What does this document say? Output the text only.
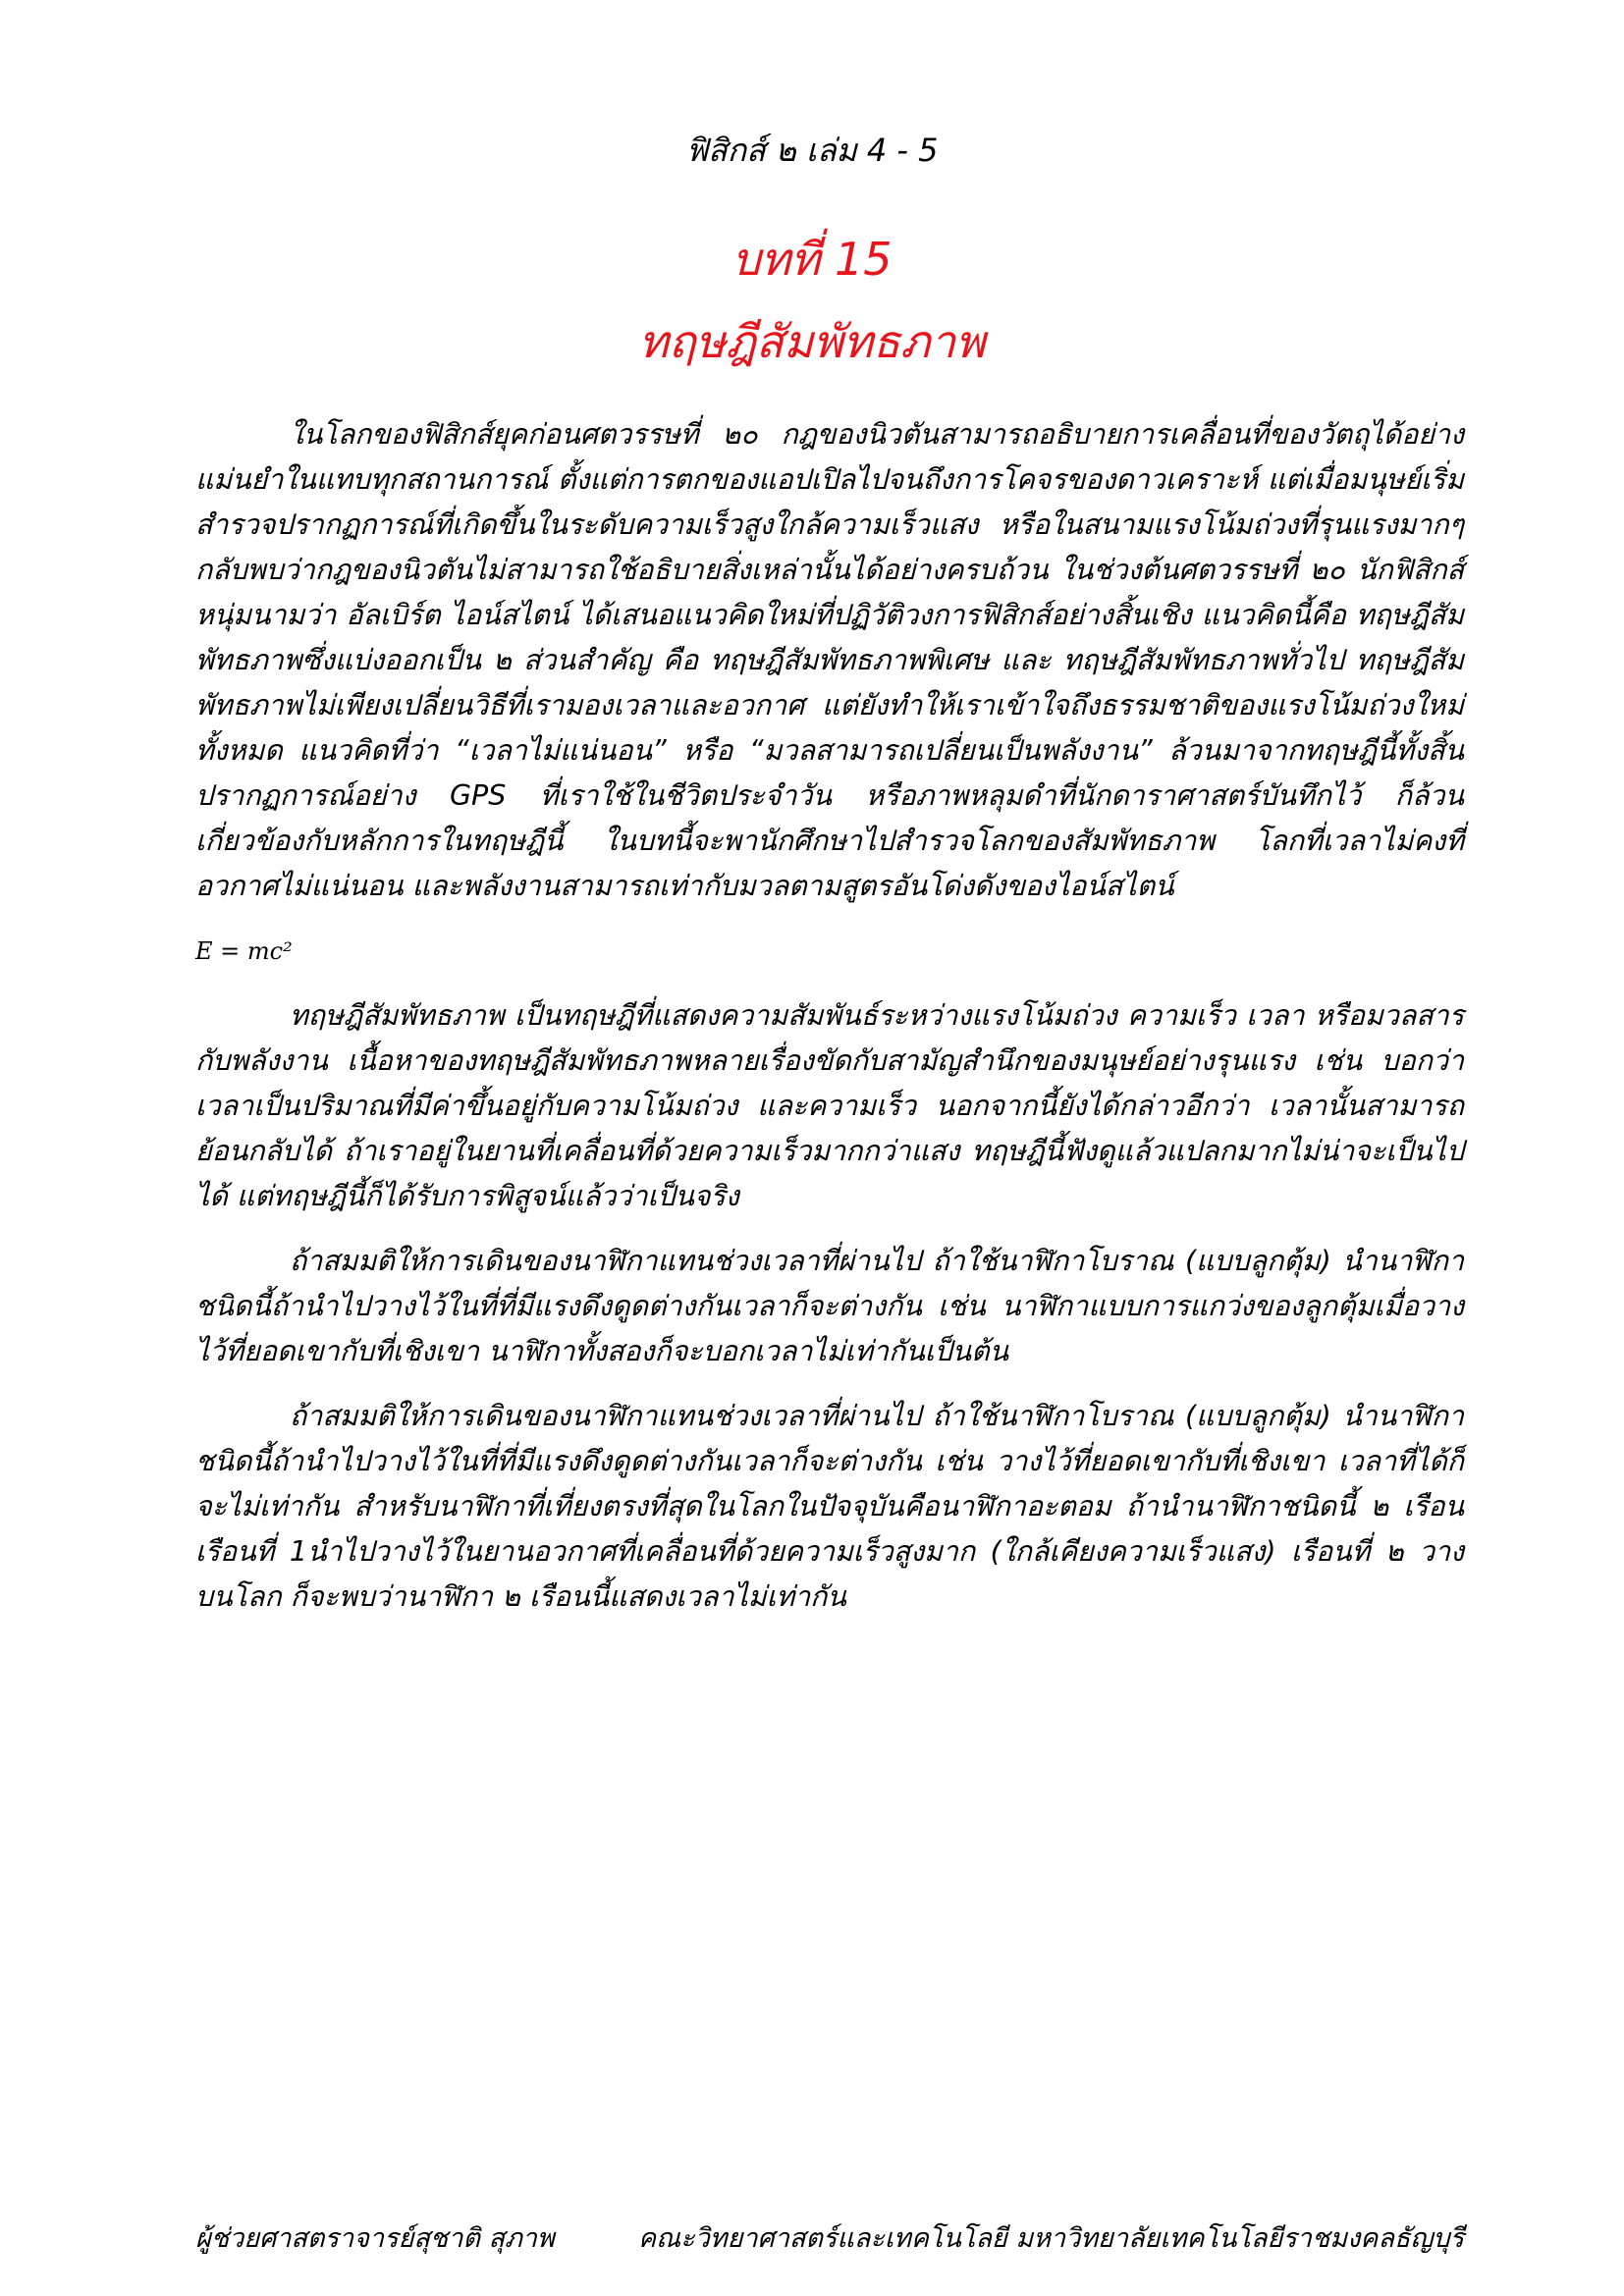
ฟิสิกส์ ๒ เล่ม 4 - 5
บทที่ 15
ทฤษฎีสัมพัทธภาพ

ในโลกของฟิสิกส์ยุคก่อนศตวรรษที่ ๒๐ กฎของนิวตันสามารถอธิบายการเคลื่อนที่ของวัตถุได้อย่างแม่นยำในแทบทุกสถานการณ์ ตั้งแต่การตกของแอปเปิลไปจนถึงการโคจรของดาวเคราะห์ แต่เมื่อมนุษย์เริ่มสำรวจปรากฏการณ์ที่เกิดขึ้นในระดับความเร็วสูงใกล้ความเร็วแสง หรือในสนามแรงโน้มถ่วงที่รุนแรงมากๆ กลับพบว่ากฎของนิวตันไม่สามารถใช้อธิบายสิ่งเหล่านั้นได้อย่างครบถ้วน ในช่วงต้นศตวรรษที่ ๒๐ นักฟิสิกส์หนุ่มนามว่า อัลเบิร์ต ไอน์สไตน์ ได้เสนอแนวคิดใหม่ที่ปฏิวัติวงการฟิสิกส์อย่างสิ้นเชิง แนวคิดนี้คือ ทฤษฎีสัมพัทธภาพซึ่งแบ่งออกเป็น ๒ ส่วนสำคัญ คือ ทฤษฎีสัมพัทธภาพพิเศษ และ ทฤษฎีสัมพัทธภาพทั่วไป ทฤษฎีสัมพัทธภาพไม่เพียงเปลี่ยนวิธีที่เรามองเวลาและอวกาศ แต่ยังทำให้เราเข้าใจถึงธรรมชาติของแรงโน้มถ่วงใหม่ทั้งหมด แนวคิดที่ว่า “เวลาไม่แน่นอน” หรือ “มวลสามารถเปลี่ยนเป็นพลังงาน” ล้วนมาจากทฤษฎีนี้ทั้งสิ้น ปรากฏการณ์อย่าง GPS ที่เราใช้ในชีวิตประจำวัน หรือภาพหลุมดำที่นักดาราศาสตร์บันทึกไว้ ก็ล้วนเกี่ยวข้องกับหลักการในทฤษฎีนี้ ในบทนี้จะพานักศึกษาไปสำรวจโลกของสัมพัทธภาพ โลกที่เวลาไม่คงที่ อวกาศไม่แน่นอน และพลังงานสามารถเท่ากับมวลตามสูตรอันโด่งดังของไอน์สไตน์

E = mc²

ทฤษฎีสัมพัทธภาพ เป็นทฤษฎีที่แสดงความสัมพันธ์ระหว่างแรงโน้มถ่วง ความเร็ว เวลา หรือมวลสารกับพลังงาน เนื้อหาของทฤษฎีสัมพัทธภาพหลายเรื่องขัดกับสามัญสำนึกของมนุษย์อย่างรุนแรง เช่น บอกว่าเวลาเป็นปริมาณที่มีค่าขึ้นอยู่กับความโน้มถ่วง และความเร็ว นอกจากนี้ยังได้กล่าวอีกว่า เวลานั้นสามารถย้อนกลับได้ ถ้าเราอยู่ในยานที่เคลื่อนที่ด้วยความเร็วมากกว่าแสง ทฤษฎีนี้ฟังดูแล้วแปลกมากไม่น่าจะเป็นไปได้ แต่ทฤษฎีนี้ก็ได้รับการพิสูจน์แล้วว่าเป็นจริง

ถ้าสมมติให้การเดินของนาฬิกาแทนช่วงเวลาที่ผ่านไป ถ้าใช้นาฬิกาโบราณ (แบบลูกตุ้ม) นำนาฬิกาชนิดนี้ถ้านำไปวางไว้ในที่ที่มีแรงดึงดูดต่างกันเวลาก็จะต่างกัน เช่น นาฬิกาแบบการแกว่งของลูกตุ้มเมื่อวางไว้ที่ยอดเขากับที่เชิงเขา นาฬิกาทั้งสองก็จะบอกเวลาไม่เท่ากันเป็นต้น

ถ้าสมมติให้การเดินของนาฬิกาแทนช่วงเวลาที่ผ่านไป ถ้าใช้นาฬิกาโบราณ (แบบลูกตุ้ม) นำนาฬิกาชนิดนี้ถ้านำไปวางไว้ในที่ที่มีแรงดึงดูดต่างกันเวลาก็จะต่างกัน เช่น วางไว้ที่ยอดเขากับที่เชิงเขา เวลาที่ได้ก็จะไม่เท่ากัน สำหรับนาฬิกาที่เที่ยงตรงที่สุดในโลกในปัจจุบันคือนาฬิกาอะตอม ถ้านำนาฬิกาชนิดนี้ ๒ เรือน เรือนที่ 1นำไปวางไว้ในยานอวกาศที่เคลื่อนที่ด้วยความเร็วสูงมาก (ใกล้เคียงความเร็วแสง) เรือนที่ ๒ วางบนโลก ก็จะพบว่านาฬิกา ๒ เรือนนี้แสดงเวลาไม่เท่ากัน

ผู้ช่วยศาสตราจารย์สุชาติ สุภาพ	คณะวิทยาศาสตร์และเทคโนโลยี มหาวิทยาลัยเทคโนโลยีราชมงคลธัญบุรี
